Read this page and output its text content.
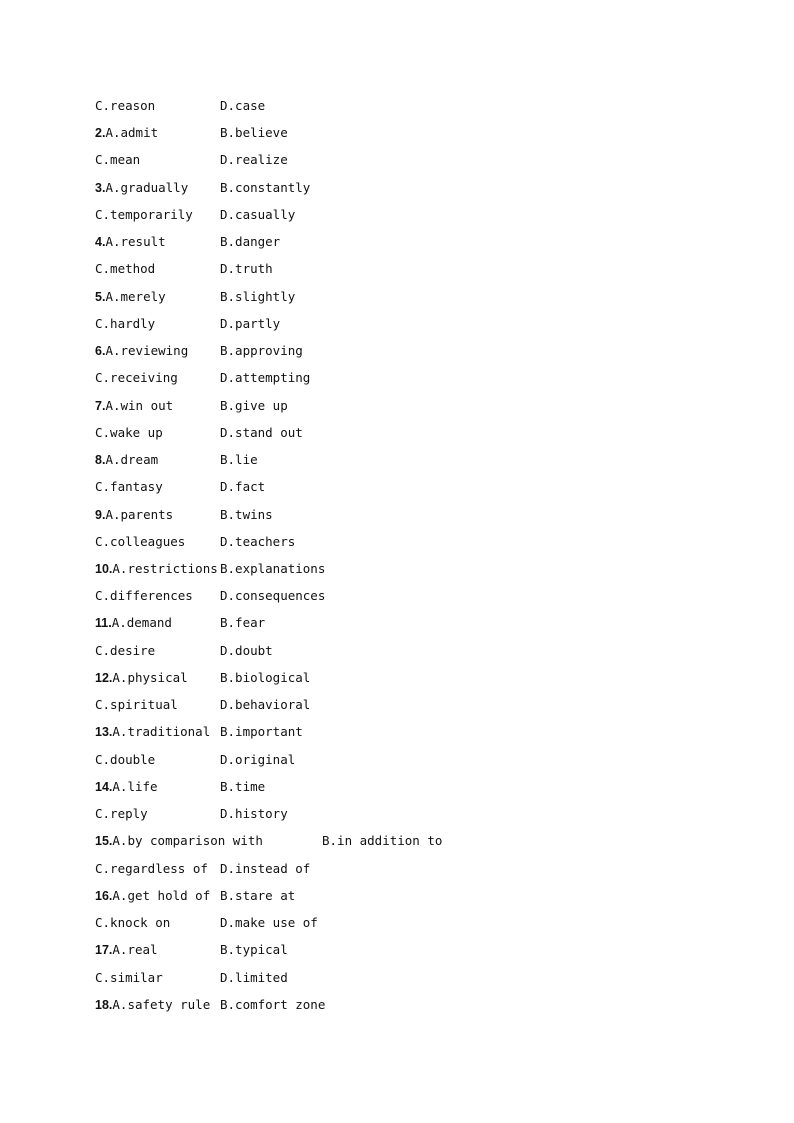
C.reason	D.case
2.A.admit	B.believe
C.mean	D.realize
3.A.gradually	B.constantly
C.temporarily D.casually
4.A.result	B.danger
C.method	D.truth
5.A.merely	B.slightly
C.hardly	D.partly
6.A.reviewing	B.approving
C.receiving	D.attempting
7.A.win out	B.give up
C.wake up	D.stand out
8.A.dream	B.lie
C.fantasy	D.fact
9.A.parents	B.twins
C.colleagues	D.teachers
10.A.restrictions B.explanations
C.differences D.consequences
11.A.demand	B.fear
C.desire	D.doubt
12.A.physical	B.biological
C.spiritual	D.behavioral
13.A.traditional B.important
C.double	D.original
14.A.life	B.time
C.reply	D.history
15.A.by comparison with	B.in addition to
C.regardless of D.instead of
16.A.get hold of B.stare at
C.knock on	D.make use of
17.A.real	B.typical
C.similar	D.limited
18.A.safety rule B.comfort zone
